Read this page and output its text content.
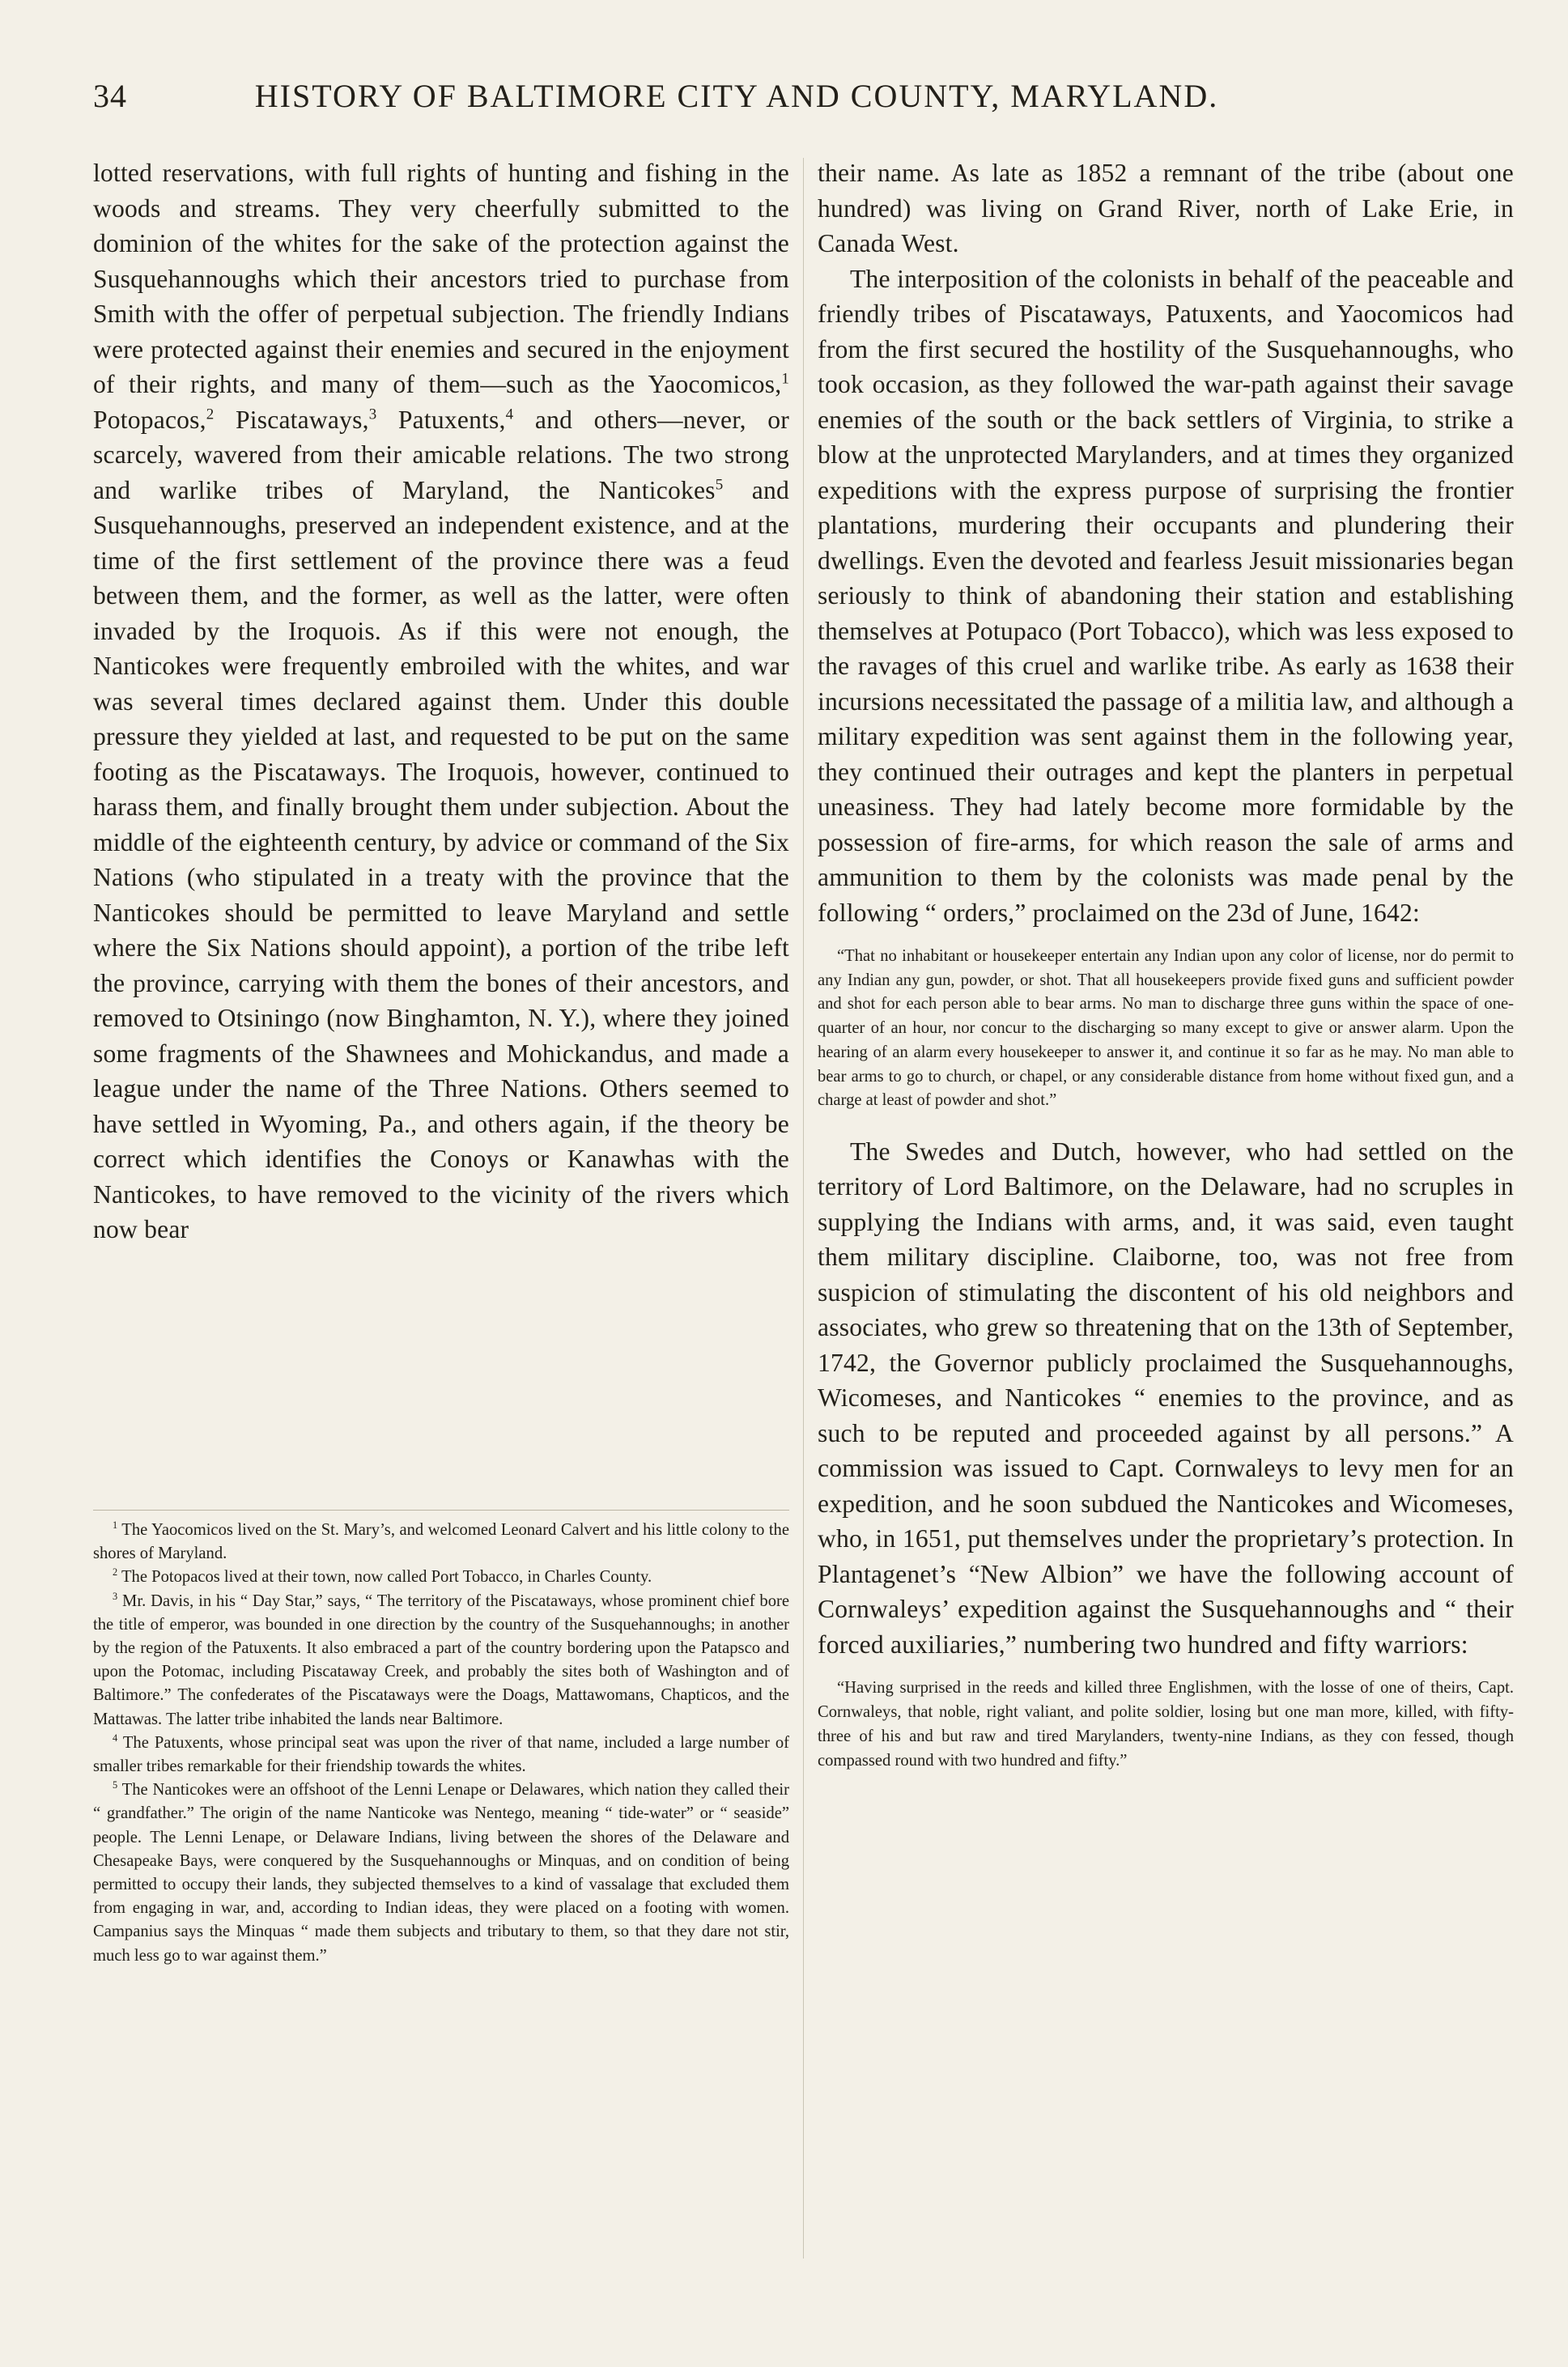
34	HISTORY OF BALTIMORE CITY AND COUNTY, MARYLAND.

lotted reservations, with full rights of hunting and fishing in the woods and streams. They very cheerfully submitted to the dominion of the whites for the sake of the protection against the Susquehannoughs which their ancestors tried to purchase from Smith with the offer of perpetual subjection. The friendly Indians were protected against their enemies and secured in the enjoyment of their rights, and many of them—such as the Yaocomicos,$^1$ Potopacos,$^2$ Piscataways,$^3$ Patuxents,$^4$ and others—never, or scarcely, wavered from their amicable relations. The two strong and warlike tribes of Maryland, the Nanticokes$^5$ and Susquehannoughs, preserved an independent existence, and at the time of the first settlement of the province there was a feud between them, and the former, as well as the latter, were often invaded by the Iroquois. As if this were not enough, the Nanticokes were frequently embroiled with the whites, and war was several times declared against them. Under this double pressure they yielded at last, and requested to be put on the same footing as the Piscataways. The Iroquois, however, continued to harass them, and finally brought them under subjection. About the middle of the eighteenth century, by advice or command of the Six Nations (who stipulated in a treaty with the province that the Nanticokes should be permitted to leave Maryland and settle where the Six Nations should appoint), a portion of the tribe left the province, carrying with them the bones of their ancestors, and removed to Otsiningo (now Binghamton, N. Y.), where they joined some fragments of the Shawnees and Mohickandus, and made a league under the name of the Three Nations. Others seemed to have settled in Wyoming, Pa., and others again, if the theory be correct which identifies the Conoys or Kanawhas with the Nanticokes, to have removed to the vicinity of the rivers which now bear

$^1$ The Yaocomicos lived on the St. Mary’s, and welcomed Leonard Calvert and his little colony to the shores of Maryland.

$^2$ The Potopacos lived at their town, now called Port Tobacco, in Charles County.

$^3$ Mr. Davis, in his “ Day Star,” says, “ The territory of the Piscataways, whose prominent chief bore the title of emperor, was bounded in one direction by the country of the Susquehannoughs; in another by the region of the Patuxents. It also embraced a part of the country bordering upon the Patapsco and upon the Potomac, including Piscataway Creek, and probably the sites both of Washington and of Baltimore.” The confederates of the Piscataways were the Doags, Mattawomans, Chapticos, and the Mattawas. The latter tribe inhabited the lands near Baltimore.

$^4$ The Patuxents, whose principal seat was upon the river of that name, included a large number of smaller tribes remarkable for their friendship towards the whites.

$^5$ The Nanticokes were an offshoot of the Lenni Lenape or Delawares, which nation they called their “ grandfather.” The origin of the name Nanticoke was Nentego, meaning “ tide-water” or “ seaside” people. The Lenni Lenape, or Delaware Indians, living between the shores of the Delaware and Chesapeake Bays, were conquered by the Susquehannoughs or Minquas, and on condition of being permitted to occupy their lands, they subjected themselves to a kind of vassalage that excluded them from engaging in war, and, according to Indian ideas, they were placed on a footing with women. Campanius says the Minquas “ made them subjects and tributary to them, so that they dare not stir, much less go to war against them.”

their name. As late as 1852 a remnant of the tribe (about one hundred) was living on Grand River, north of Lake Erie, in Canada West.

The interposition of the colonists in behalf of the peaceable and friendly tribes of Piscataways, Patuxents, and Yaocomicos had from the first secured the hostility of the Susquehannoughs, who took occasion, as they followed the war-path against their savage enemies of the south or the back settlers of Virginia, to strike a blow at the unprotected Marylanders, and at times they organized expeditions with the express purpose of surprising the frontier plantations, murdering their occupants and plundering their dwellings. Even the devoted and fearless Jesuit missionaries began seriously to think of abandoning their station and establishing themselves at Potupaco (Port Tobacco), which was less exposed to the ravages of this cruel and warlike tribe. As early as 1638 their incursions necessitated the passage of a militia law, and although a military expedition was sent against them in the following year, they continued their outrages and kept the planters in perpetual uneasiness. They had lately become more formidable by the possession of fire-arms, for which reason the sale of arms and ammunition to them by the colonists was made penal by the following “ orders,” proclaimed on the 23d of June, 1642:

“That no inhabitant or housekeeper entertain any Indian upon any color of license, nor do permit to any Indian any gun, powder, or shot. That all housekeepers provide fixed guns and sufficient powder and shot for each person able to bear arms. No man to discharge three guns within the space of one-quarter of an hour, nor concur to the discharging so many except to give or answer alarm. Upon the hearing of an alarm every housekeeper to answer it, and continue it so far as he may. No man able to bear arms to go to church, or chapel, or any considerable distance from home without fixed gun, and a charge at least of powder and shot.”

The Swedes and Dutch, however, who had settled on the territory of Lord Baltimore, on the Delaware, had no scruples in supplying the Indians with arms, and, it was said, even taught them military discipline. Claiborne, too, was not free from suspicion of stimulating the discontent of his old neighbors and associates, who grew so threatening that on the 13th of September, 1742, the Governor publicly proclaimed the Susquehannoughs, Wicomeses, and Nanticokes “ enemies to the province, and as such to be reputed and proceeded against by all persons.” A commission was issued to Capt. Cornwaleys to levy men for an expedition, and he soon subdued the Nanticokes and Wicomeses, who, in 1651, put themselves under the proprietary’s protection. In Plantagenet’s “New Albion” we have the following account of Cornwaleys’ expedition against the Susquehannoughs and “ their forced auxiliaries,” numbering two hundred and fifty warriors:

“Having surprised in the reeds and killed three Englishmen, with the losse of one of theirs, Capt. Cornwaleys, that noble, right valiant, and polite soldier, losing but one man more, killed, with fifty-three of his and but raw and tired Marylanders, twenty-nine Indians, as they con fessed, though compassed round with two hundred and fifty.”
